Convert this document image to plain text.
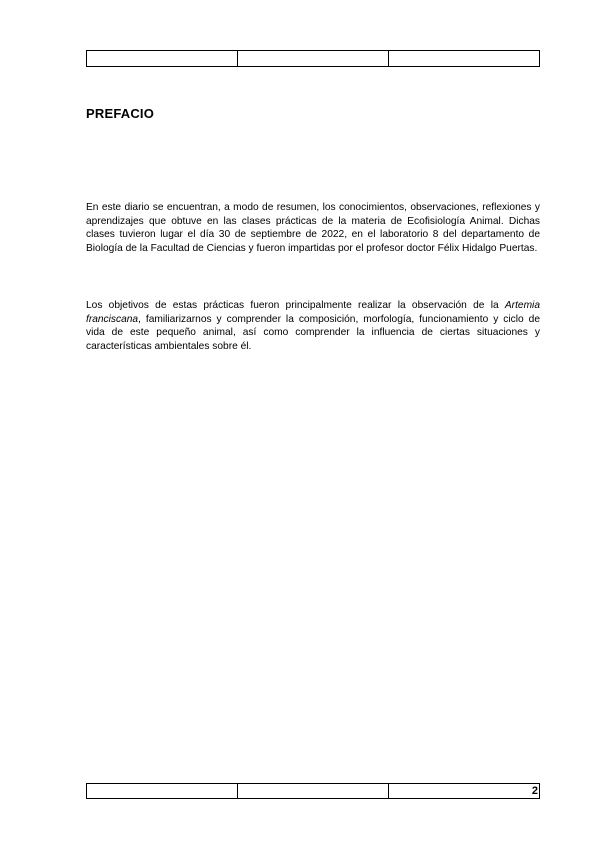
PREFACIO

En este diario se encuentran, a modo de resumen, los conocimientos, observaciones, reflexiones y aprendizajes que obtuve en las clases prácticas de la materia de Ecofisiología Animal. Dichas clases tuvieron lugar el día 30 de septiembre de 2022, en el laboratorio 8 del departamento de Biología de la Facultad de Ciencias y fueron impartidas por el profesor doctor Félix Hidalgo Puertas.

Los objetivos de estas prácticas fueron principalmente realizar la observación de la Artemia franciscana, familiarizarnos y comprender la composición, morfología, funcionamiento y ciclo de vida de este pequeño animal, así como comprender la influencia de ciertas situaciones y características ambientales sobre él.

2
